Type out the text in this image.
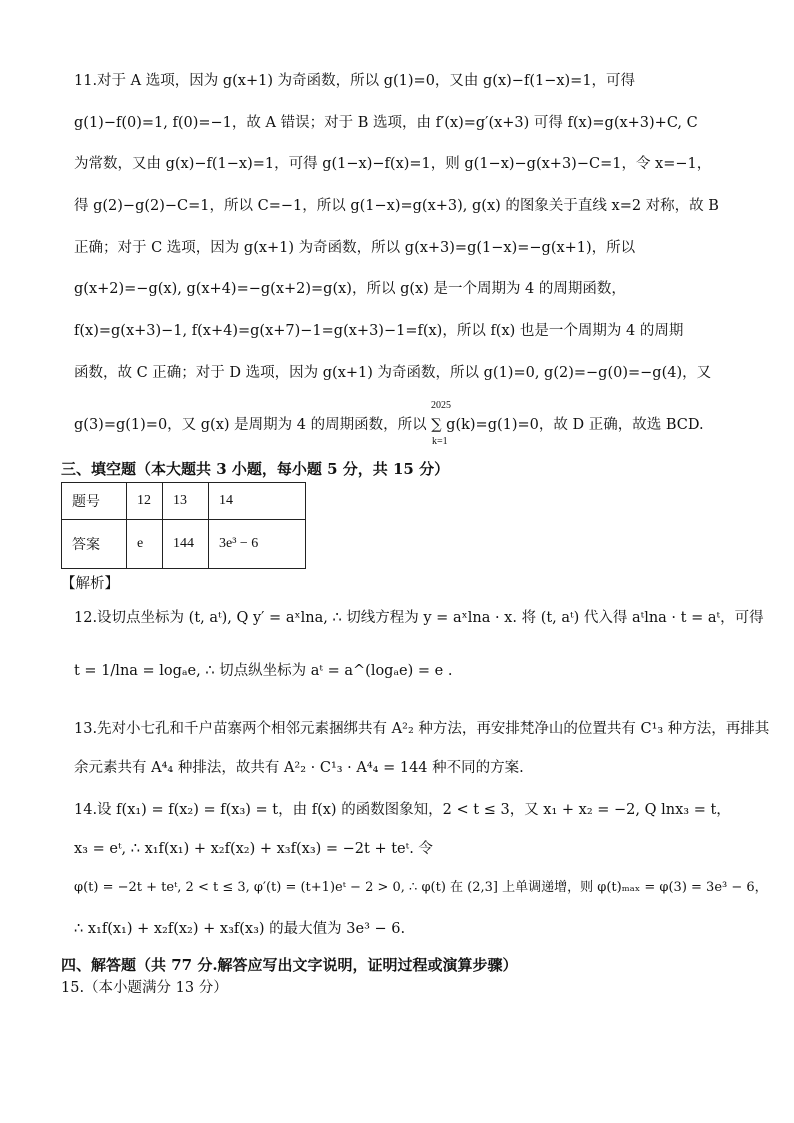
11.对于 A 选项，因为 g(x+1) 为奇函数，所以 g(1)=0，又由 g(x)−f(1−x)=1，可得
g(1)−f(0)=1, f(0)=−1，故 A 错误；对于 B 选项，由 f′(x)=g′(x+3) 可得 f(x)=g(x+3)+C, C
为常数，又由 g(x)−f(1−x)=1，可得 g(1−x)−f(x)=1，则 g(1−x)−g(x+3)−C=1，令 x=−1，
得 g(2)−g(2)−C=1，所以 C=−1，所以 g(1−x)=g(x+3), g(x) 的图象关于直线 x=2 对称，故 B
正确；对于 C 选项，因为 g(x+1) 为奇函数，所以 g(x+3)=g(1−x)=−g(x+1)，所以
g(x+2)=−g(x), g(x+4)=−g(x+2)=g(x)，所以 g(x) 是一个周期为 4 的周期函数，
f(x)=g(x+3)−1, f(x+4)=g(x+7)−1=g(x+3)−1=f(x)，所以 f(x) 也是一个周期为 4 的周期
函数，故 C 正确；对于 D 选项，因为 g(x+1) 为奇函数，所以 g(1)=0, g(2)=−g(0)=−g(4)，又
g(3)=g(1)=0，又 g(x) 是周期为 4 的周期函数，所以 ∑ g(k)=g(1)=0，故 D 正确，故选 BCD.
2025
k=1
三、填空题（本大题共 3 小题，每小题 5 分，共 15 分）
题号	12	13	14
答案	e	144	3e³ − 6
【解析】
12.设切点坐标为 (t, aᵗ), Q y′ = aˣlna, ∴ 切线方程为 y = aˣlna · x. 将 (t, aᵗ) 代入得 aᵗlna · t = aᵗ，可得
t = 1/lna = logₐe, ∴ 切点纵坐标为 aᵗ = a^(logₐe) = e .
13.先对小七孔和千户苗寨两个相邻元素捆绑共有 A²₂ 种方法，再安排梵净山的位置共有 C¹₃ 种方法，再排其
余元素共有 A⁴₄ 种排法，故共有 A²₂ · C¹₃ · A⁴₄ = 144 种不同的方案.
14.设 f(x₁) = f(x₂) = f(x₃) = t，由 f(x) 的函数图象知，2 < t ≤ 3，又 x₁ + x₂ = −2, Q lnx₃ = t，
x₃ = eᵗ, ∴ x₁f(x₁) + x₂f(x₂) + x₃f(x₃) = −2t + teᵗ. 令
φ(t) = −2t + teᵗ, 2 < t ≤ 3, φ′(t) = (t+1)eᵗ − 2 > 0, ∴ φ(t) 在 (2,3] 上单调递增，则 φ(t)ₘₐₓ = φ(3) = 3e³ − 6，
∴ x₁f(x₁) + x₂f(x₂) + x₃f(x₃) 的最大值为 3e³ − 6.
四、解答题（共 77 分.解答应写出文字说明，证明过程或演算步骤）
15.（本小题满分 13 分）
